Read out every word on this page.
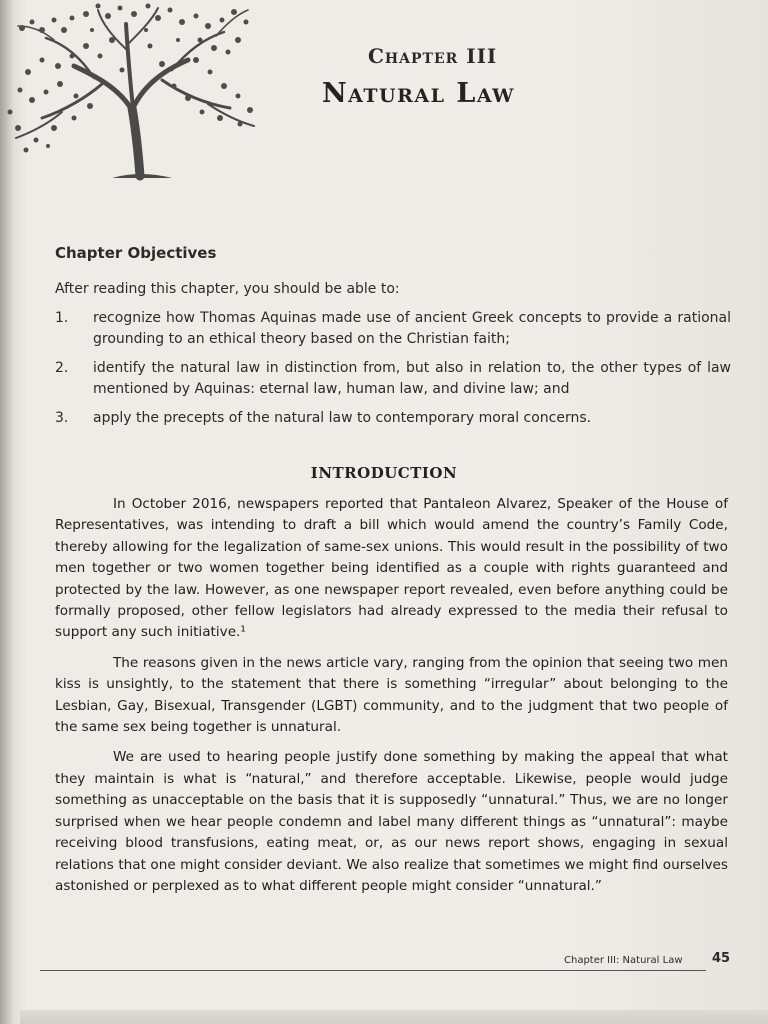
Chapter III
Natural Law
Chapter Objectives
After reading this chapter, you should be able to:
1.	recognize how Thomas Aquinas made use of ancient Greek concepts to provide a rational grounding to an ethical theory based on the Christian faith;
2.	identify the natural law in distinction from, but also in relation to, the other types of law mentioned by Aquinas: eternal law, human law, and divine law; and
3.	apply the precepts of the natural law to contemporary moral concerns.
INTRODUCTION

In October 2016, newspapers reported that Pantaleon Alvarez, Speaker of the House of Representatives, was intending to draft a bill which would amend the country’s Family Code, thereby allowing for the legalization of same-sex unions. This would result in the possibility of two men together or two women together being identified as a couple with rights guaranteed and protected by the law. However, as one newspaper report revealed, even before anything could be formally proposed, other fellow legislators had already expressed to the media their refusal to support any such initiative.¹

The reasons given in the news article vary, ranging from the opinion that seeing two men kiss is unsightly, to the statement that there is something “irregular” about belonging to the Lesbian, Gay, Bisexual, Transgender (LGBT) community, and to the judgment that two people of the same sex being together is unnatural.

We are used to hearing people justify done something by making the appeal that what they maintain is what is “natural,” and therefore acceptable. Likewise, people would judge something as unacceptable on the basis that it is supposedly “unnatural.” Thus, we are no longer surprised when we hear people condemn and label many different things as “unnatural”: maybe receiving blood transfusions, eating meat, or, as our news report shows, engaging in sexual relations that one might consider deviant. We also realize that sometimes we might find ourselves astonished or perplexed as to what different people might consider “unnatural.”

Chapter III: Natural Law 45
